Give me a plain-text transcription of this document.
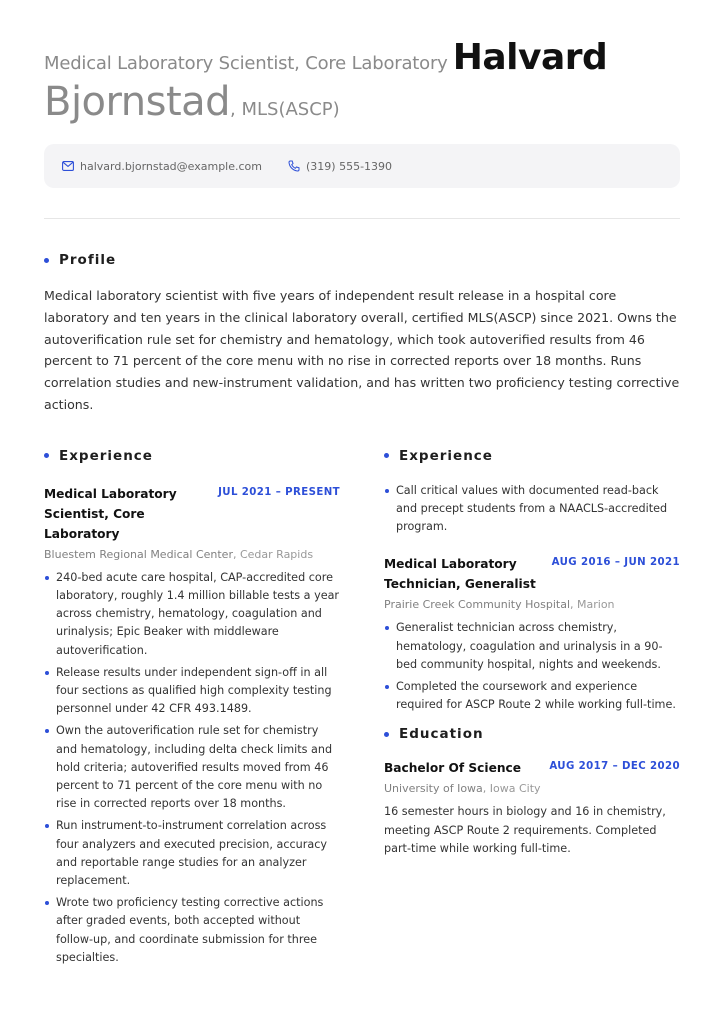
Medical Laboratory Scientist, Core Laboratory Halvard
Bjornstad, MLS(ASCP)
halvard.bjornstad@example.com	(319) 555-1390
Profile
Medical laboratory scientist with five years of independent result release in a hospital core laboratory and ten years in the clinical laboratory overall, certified MLS(ASCP) since 2021. Owns the autoverification rule set for chemistry and hematology, which took autoverified results from 46 percent to 71 percent of the core menu with no rise in corrected reports over 18 months. Runs correlation studies and new-instrument validation, and has written two proficiency testing corrective actions.
Experience
Medical Laboratory Scientist, Core Laboratory
JUL 2021 – PRESENT
Bluestem Regional Medical Center, Cedar Rapids
240-bed acute care hospital, CAP-accredited core laboratory, roughly 1.4 million billable tests a year across chemistry, hematology, coagulation and urinalysis; Epic Beaker with middleware autoverification.
Release results under independent sign-off in all four sections as qualified high complexity testing personnel under 42 CFR 493.1489.
Own the autoverification rule set for chemistry and hematology, including delta check limits and hold criteria; autoverified results moved from 46 percent to 71 percent of the core menu with no rise in corrected reports over 18 months.
Run instrument-to-instrument correlation across four analyzers and executed precision, accuracy and reportable range studies for an analyzer replacement.
Wrote two proficiency testing corrective actions after graded events, both accepted without follow-up, and coordinate submission for three specialties.
Experience
Call critical values with documented read-back and precept students from a NAACLS-accredited program.
Medical Laboratory Technician, Generalist
AUG 2016 – JUN 2021
Prairie Creek Community Hospital, Marion
Generalist technician across chemistry, hematology, coagulation and urinalysis in a 90-bed community hospital, nights and weekends.
Completed the coursework and experience required for ASCP Route 2 while working full-time.
Education
Bachelor Of Science	AUG 2017 – DEC 2020
University of Iowa, Iowa City
16 semester hours in biology and 16 in chemistry, meeting ASCP Route 2 requirements. Completed part-time while working full-time.
